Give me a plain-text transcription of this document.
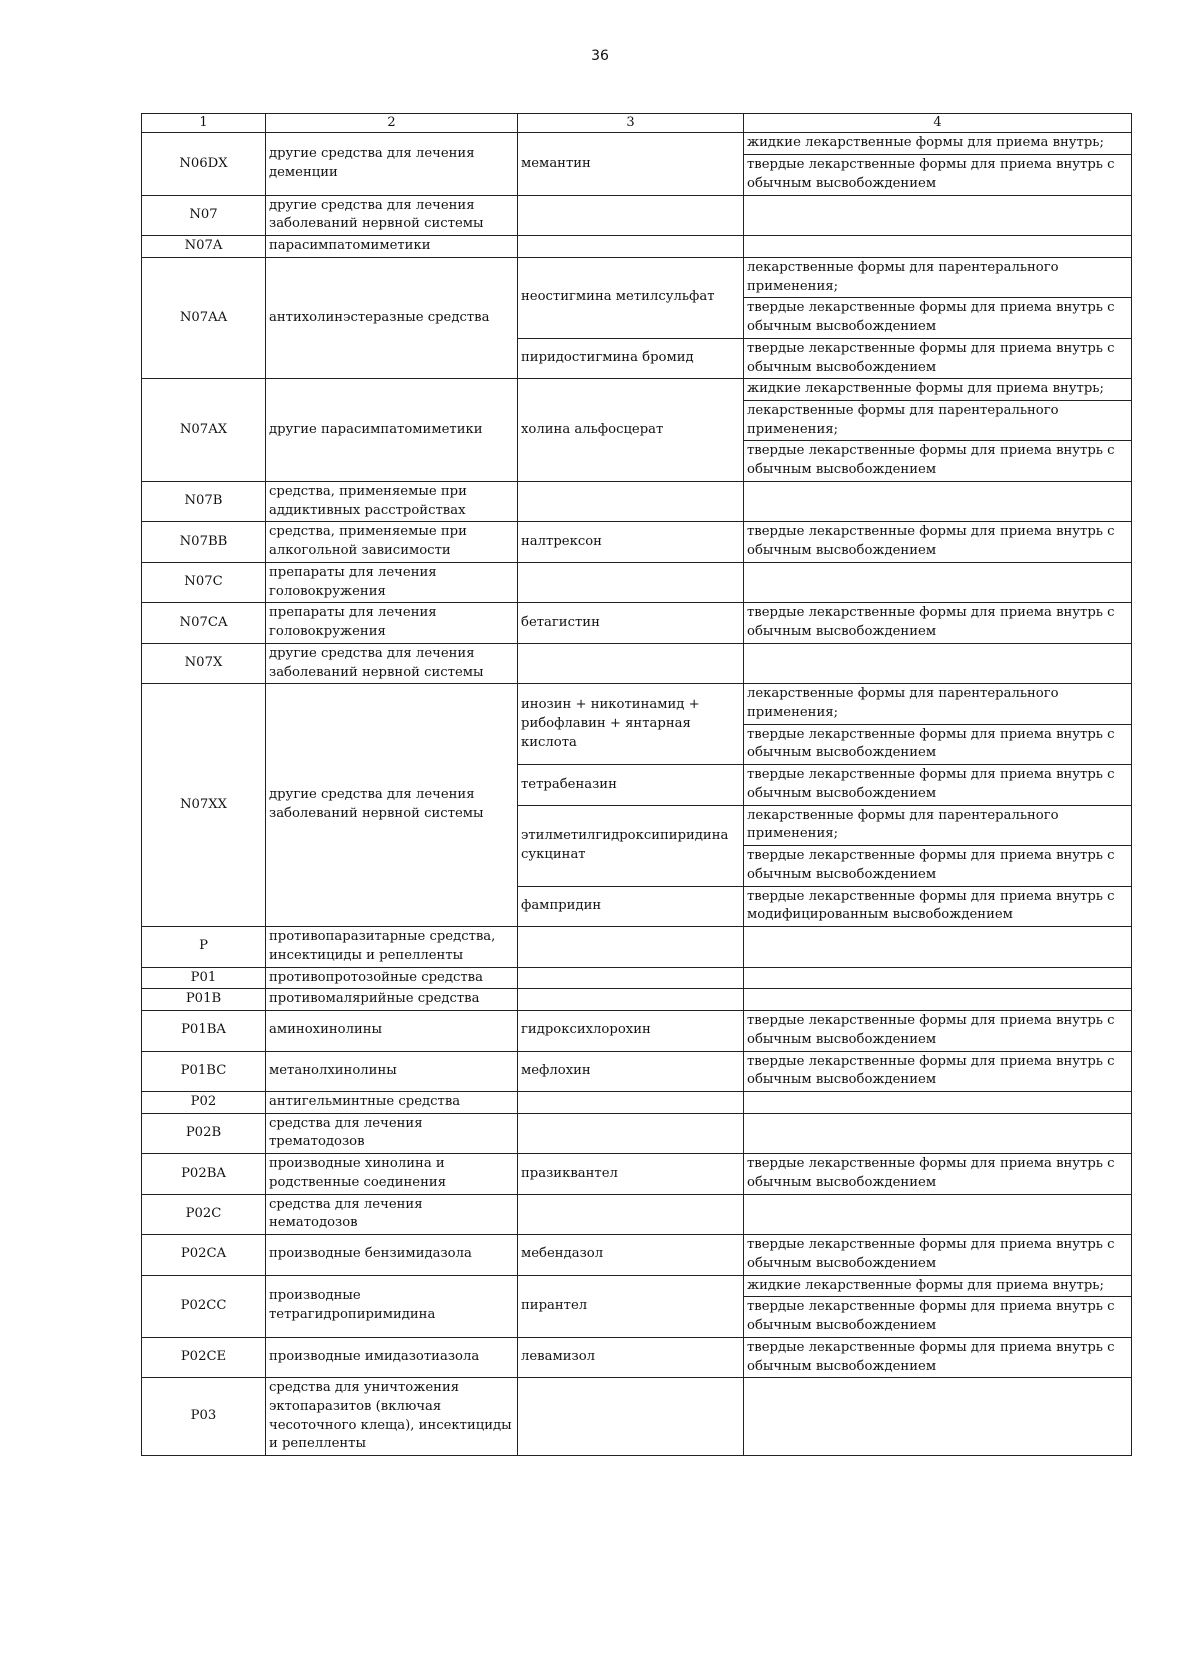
36
1	2	3	4
N06DX	другие средства для лечения деменции	мемантин	жидкие лекарственные формы для приема внутрь;
			твердые лекарственные формы для приема внутрь с обычным высвобождением
N07	другие средства для лечения заболеваний нервной системы		
N07A	парасимпатомиметики		
N07AA	антихолинэстеразные средства	неостигмина метилсульфат	лекарственные формы для парентерального применения;
			твердые лекарственные формы для приема внутрь с обычным высвобождением
		пиридостигмина бромид	твердые лекарственные формы для приема внутрь с обычным высвобождением
N07AX	другие парасимпатомиметики	холина альфосцерат	жидкие лекарственные формы для приема внутрь;
			лекарственные формы для парентерального применения;
			твердые лекарственные формы для приема внутрь с обычным высвобождением
N07B	средства, применяемые при аддиктивных расстройствах		
N07BB	средства, применяемые при алкогольной зависимости	налтрексон	твердые лекарственные формы для приема внутрь с обычным высвобождением
N07C	препараты для лечения головокружения		
N07CA	препараты для лечения головокружения	бетагистин	твердые лекарственные формы для приема внутрь с обычным высвобождением
N07X	другие средства для лечения заболеваний нервной системы		
N07XX	другие средства для лечения заболеваний нервной системы	инозин + никотинамид + рибофлавин + янтарная кислота	лекарственные формы для парентерального применения;
			твердые лекарственные формы для приема внутрь с обычным высвобождением
		тетрабеназин	твердые лекарственные формы для приема внутрь с обычным высвобождением
		этилметилгидроксипиридина сукцинат	лекарственные формы для парентерального применения;
			твердые лекарственные формы для приема внутрь с обычным высвобождением
		фампридин	твердые лекарственные формы для приема внутрь с модифицированным высвобождением
P	противопаразитарные средства, инсектициды и репелленты		
P01	противопротозойные средства		
P01B	противомалярийные средства		
P01BA	аминохинолины	гидроксихлорохин	твердые лекарственные формы для приема внутрь с обычным высвобождением
P01BC	метанолхинолины	мефлохин	твердые лекарственные формы для приема внутрь с обычным высвобождением
P02	антигельминтные средства		
P02B	средства для лечения трематодозов		
P02BA	производные хинолина и родственные соединения	празиквантел	твердые лекарственные формы для приема внутрь с обычным высвобождением
P02C	средства для лечения нематодозов		
P02CA	производные бензимидазола	мебендазол	твердые лекарственные формы для приема внутрь с обычным высвобождением
P02CC	производные тетрагидропиримидина	пирантел	жидкие лекарственные формы для приема внутрь;
			твердые лекарственные формы для приема внутрь с обычным высвобождением
P02CE	производные имидазотиазола	левамизол	твердые лекарственные формы для приема внутрь с обычным высвобождением
P03	средства для уничтожения эктопаразитов (включая чесоточного клеща), инсектициды и репелленты		
